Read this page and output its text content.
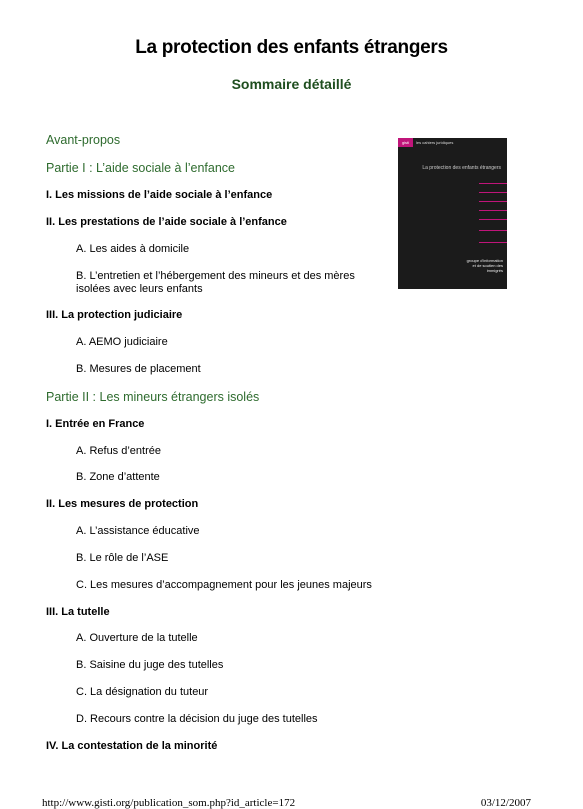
La protection des enfants étrangers
Sommaire détaillé
Avant-propos
Partie I : L’aide sociale à l’enfance
I. Les missions de l’aide sociale à l’enfance
II. Les prestations de l’aide sociale à l’enfance
A. Les aides à domicile
B. L’entretien et l’hébergement des mineurs et des mères isolées avec leurs enfants
III. La protection judiciaire
A. AEMO judiciaire
B. Mesures de placement
Partie II : Les mineurs étrangers isolés
I. Entrée en France
A. Refus d’entrée
B. Zone d’attente
II. Les mesures de protection
A. L’assistance éducative
B. Le rôle de l’ASE
C. Les mesures d’accompagnement pour les jeunes majeurs
III. La tutelle
A. Ouverture de la tutelle
B. Saisine du juge des tutelles
C. La désignation du tuteur
D. Recours contre la décision du juge des tutelles
IV. La contestation de la minorité
gisti	les cahiers juridiques
La protection des enfants étrangers
groupe d'information et de soutien des immigrés
http://www.gisti.org/publication_som.php?id_article=172	03/12/2007
